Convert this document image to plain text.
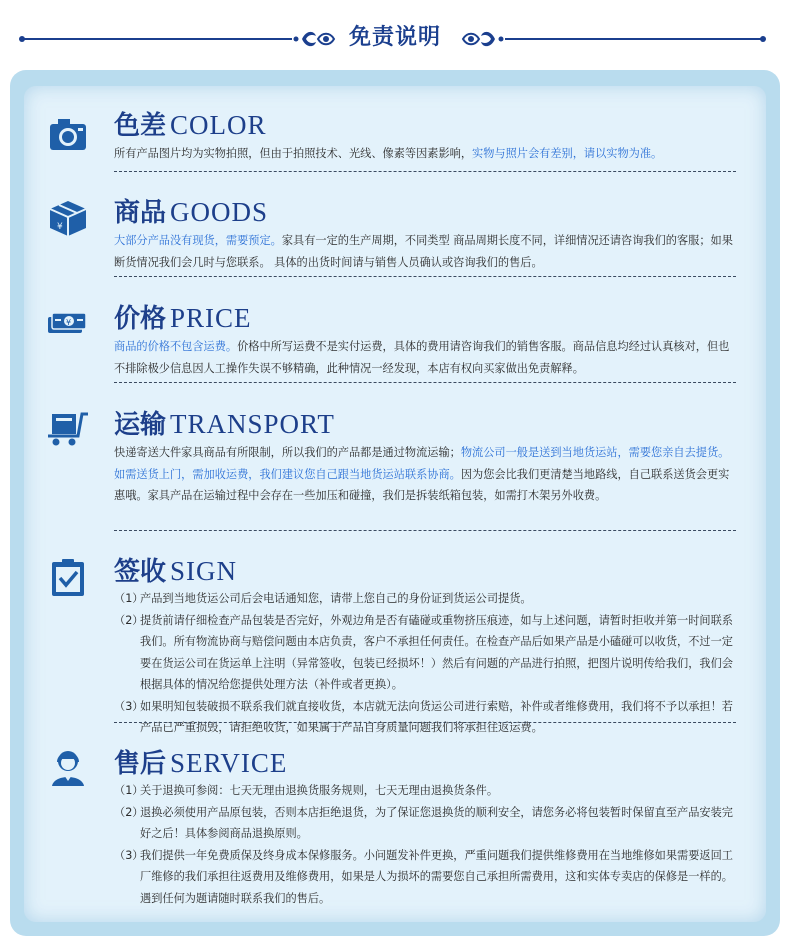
免责说明
色差 COLOR
所有产品图片均为实物拍照，但由于拍照技术、光线、像素等因素影响，实物与照片会有差别，请以实物为准。
¥ 商品 GOODS
大部分产品没有现货，需要预定。家具有一定的生产周期，不同类型 商品周期长度不同，详细情况还请咨询我们的客服；如果断货情况我们会几时与您联系。 具体的出货时间请与销售人员确认或咨询我们的售后。
¥ 价格 PRICE
商品的价格不包含运费。价格中所写运费不是实付运费，具体的费用请咨询我们的销售客服。商品信息均经过认真核对，但也不排除极少信息因人工操作失误不够精确，此种情况一经发现，本店有权向买家做出免责解释。
运输 TRANSPORT
快递寄送大件家具商品有所限制，所以我们的产品都是通过物流运输；物流公司一般是送到当地货运站，需要您亲自去提货。如需送货上门，需加收运费，我们建议您自己跟当地货运站联系协商。因为您会比我们更清楚当地路线，自己联系送货会更实惠哦。家具产品在运输过程中会存在一些加压和碰撞，我们是拆装纸箱包装，如需打木架另外收费。
签收 SIGN
（1）
产品到当地货运公司后会电话通知您，请带上您自己的身份证到货运公司提货。
（2）
提货前请仔细检查产品包装是否完好，外观边角是否有磕碰或重物挤压痕迹，如与上述问题，请暂时拒收并第一时间联系我们。所有物流协商与赔偿问题由本店负责，客户不承担任何责任。在检查产品后如果产品是小磕碰可以收货，不过一定要在货运公司在货运单上注明（异常签收，包装已经损坏！）然后有问题的产品进行拍照，把图片说明传给我们，我们会根据具体的情况给您提供处理方法（补件或者更换）。
（3）
如果明知包装破损不联系我们就直接收货，本店就无法向货运公司进行索赔，补件或者维修费用，我们将不予以承担！若产品已严重损毁，请拒绝收货，如果属于产品自身质量问题我们将承担往返运费。
售后 SERVICE
（1）
关于退换可参阅：七天无理由退换货服务规则，七天无理由退换货条件。
（2）
退换必须使用产品原包装，否则本店拒绝退货，为了保证您退换货的顺利安全，请您务必将包装暂时保留直至产品安装完好之后！具体参阅商品退换原则。
（3）
我们提供一年免费质保及终身成本保修服务。小问题发补件更换，严重问题我们提供维修费用在当地维修如果需要返回工厂维修的我们承担往返费用及维修费用，如果是人为损坏的需要您自己承担所需费用，这和实体专卖店的保修是一样的。遇到任何为题请随时联系我们的售后。
